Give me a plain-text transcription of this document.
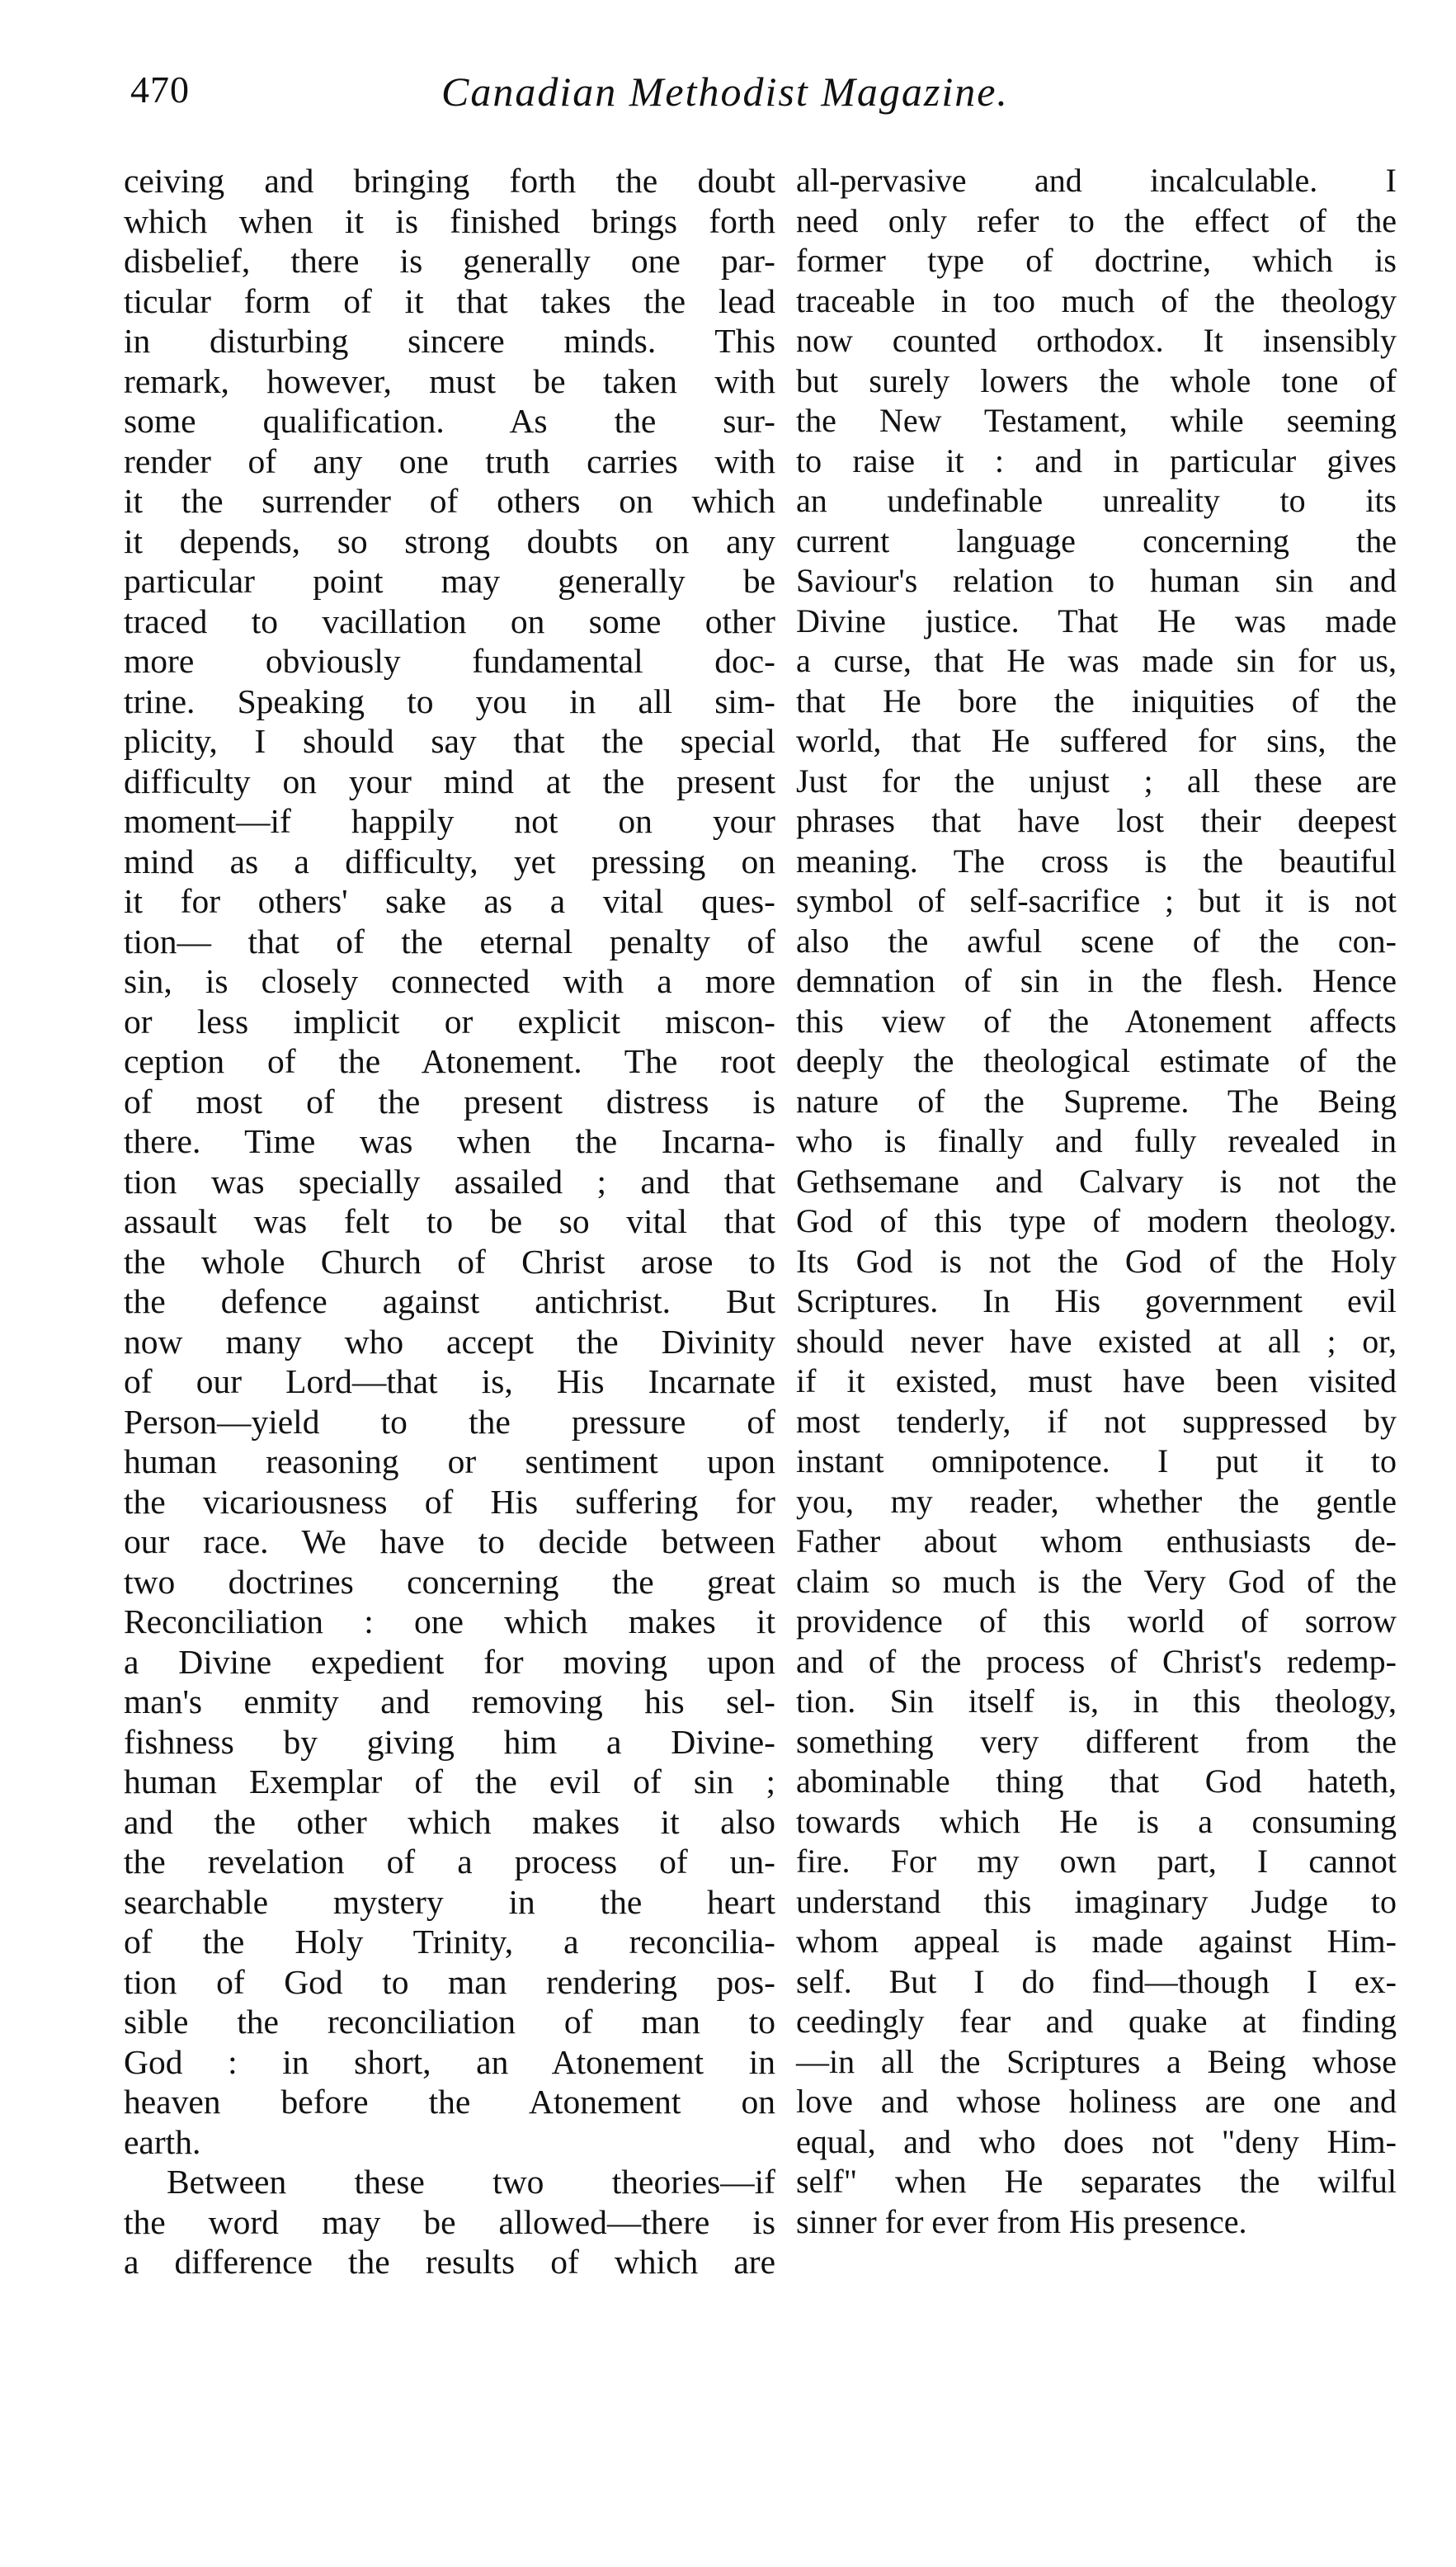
470	Canadian Methodist Magazine.
ceiving and bringing forth the doubt
which when it is finished brings forth
disbelief, there is generally one par-
ticular form of it that takes the lead
in disturbing sincere minds. This
remark, however, must be taken with
some qualification. As the sur-
render of any one truth carries with
it the surrender of others on which
it depends, so strong doubts on any
particular point may generally be
traced to vacillation on some other
more obviously fundamental doc-
trine. Speaking to you in all sim-
plicity, I should say that the special
difficulty on your mind at the present
moment—if happily not on your
mind as a difficulty, yet pressing on
it for others' sake as a vital ques-
tion— that of the eternal penalty of
sin, is closely connected with a more
or less implicit or explicit miscon-
ception of the Atonement. The root
of most of the present distress is
there. Time was when the Incarna-
tion was specially assailed ; and that
assault was felt to be so vital that
the whole Church of Christ arose to
the defence against antichrist. But
now many who accept the Divinity
of our Lord—that is, His Incarnate
Person—yield to the pressure of
human reasoning or sentiment upon
the vicariousness of His suffering for
our race. We have to decide between
two doctrines concerning the great
Reconciliation : one which makes it
a Divine expedient for moving upon
man's enmity and removing his sel-
fishness by giving him a Divine-
human Exemplar of the evil of sin ;
and the other which makes it also
the revelation of a process of un-
searchable mystery in the heart
of the Holy Trinity, a reconcilia-
tion of God to man rendering pos-
sible the reconciliation of man to
God : in short, an Atonement in
heaven before the Atonement on
earth.
Between these two theories—if
the word may be allowed—there is
a difference the results of which are
all-pervasive and incalculable. I
need only refer to the effect of the
former type of doctrine, which is
traceable in too much of the theology
now counted orthodox. It insensibly
but surely lowers the whole tone of
the New Testament, while seeming
to raise it : and in particular gives
an undefinable unreality to its
current language concerning the
Saviour's relation to human sin and
Divine justice. That He was made
a curse, that He was made sin for us,
that He bore the iniquities of the
world, that He suffered for sins, the
Just for the unjust ; all these are
phrases that have lost their deepest
meaning. The cross is the beautiful
symbol of self-sacrifice ; but it is not
also the awful scene of the con-
demnation of sin in the flesh. Hence
this view of the Atonement affects
deeply the theological estimate of the
nature of the Supreme. The Being
who is finally and fully revealed in
Gethsemane and Calvary is not the
God of this type of modern theology.
Its God is not the God of the Holy
Scriptures. In His government evil
should never have existed at all ; or,
if it existed, must have been visited
most tenderly, if not suppressed by
instant omnipotence. I put it to
you, my reader, whether the gentle
Father about whom enthusiasts de-
claim so much is the Very God of the
providence of this world of sorrow
and of the process of Christ's redemp-
tion. Sin itself is, in this theology,
something very different from the
abominable thing that God hateth,
towards which He is a consuming
fire. For my own part, I cannot
understand this imaginary Judge to
whom appeal is made against Him-
self. But I do find—though I ex-
ceedingly fear and quake at finding
—in all the Scriptures a Being whose
love and whose holiness are one and
equal, and who does not "deny Him-
self" when He separates the wilful
sinner for ever from His presence.
